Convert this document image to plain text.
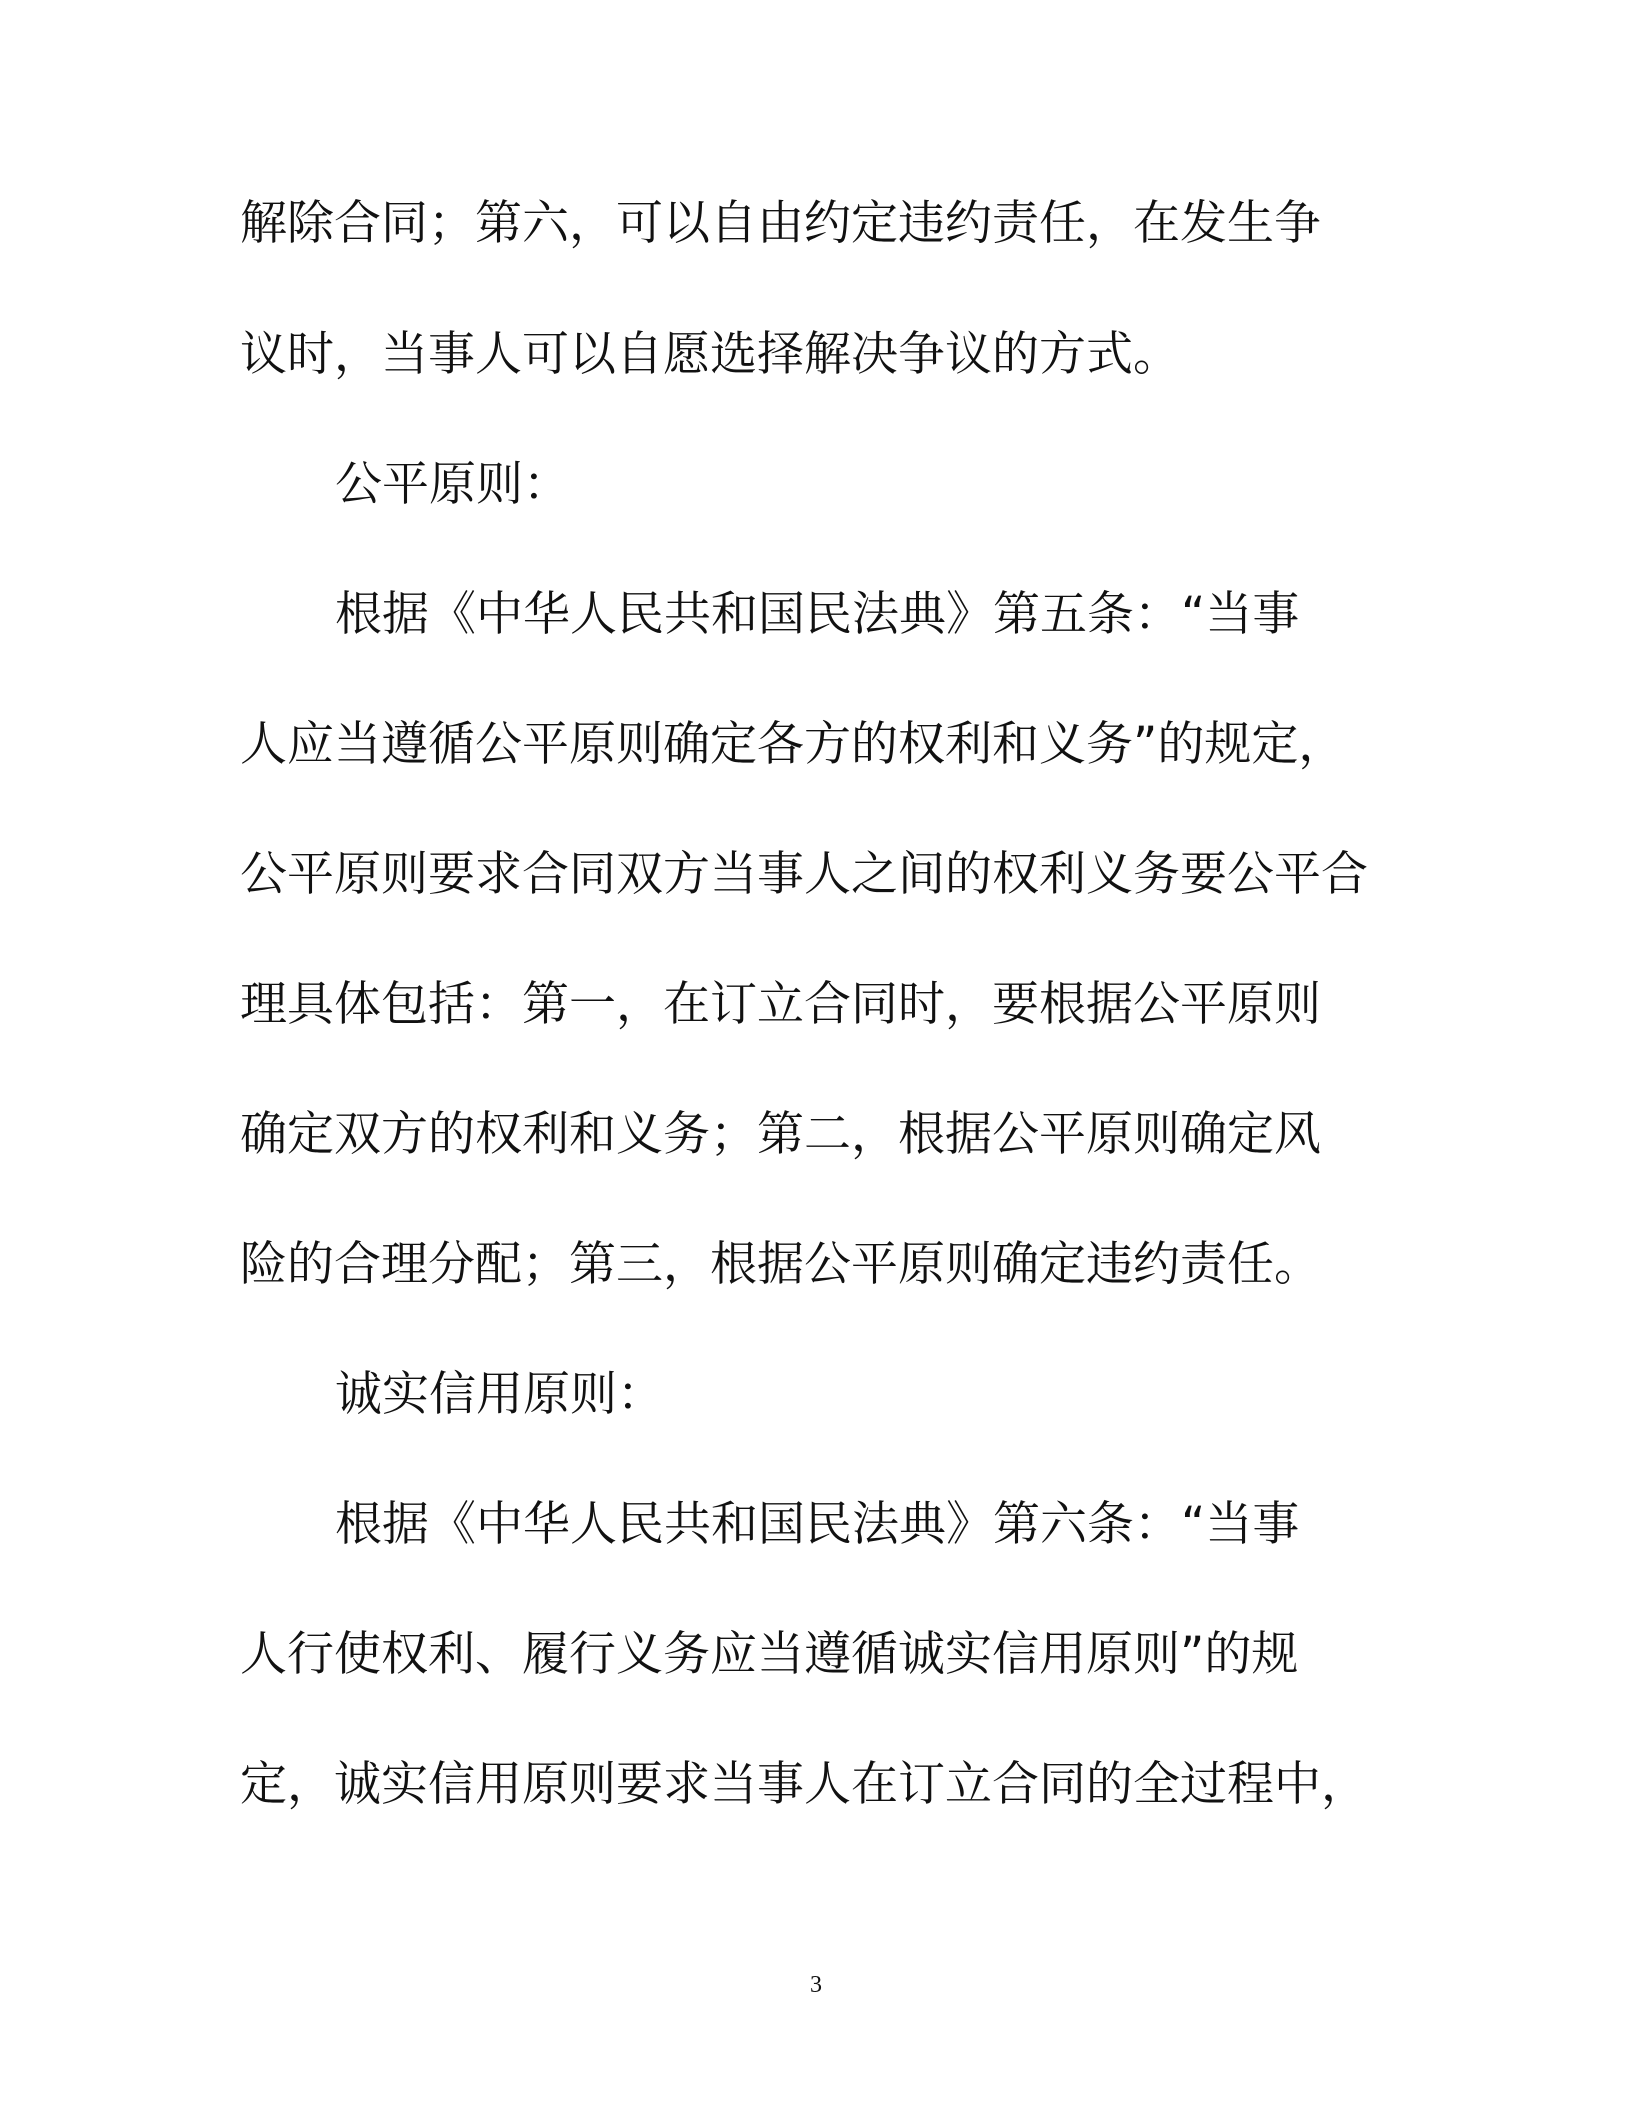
解除合同；第六，可以自由约定违约责任，在发生争
议时，当事人可以自愿选择解决争议的方式。
公平原则：
根据《中华人民共和国民法典》第五条：“当事
人应当遵循公平原则确定各方的权利和义务”的规定，
公平原则要求合同双方当事人之间的权利义务要公平合
理具体包括：第一，在订立合同时，要根据公平原则
确定双方的权利和义务；第二，根据公平原则确定风
险的合理分配；第三，根据公平原则确定违约责任。
诚实信用原则：
根据《中华人民共和国民法典》第六条：“当事
人行使权利、履行义务应当遵循诚实信用原则”的规
定，诚实信用原则要求当事人在订立合同的全过程中，
3
